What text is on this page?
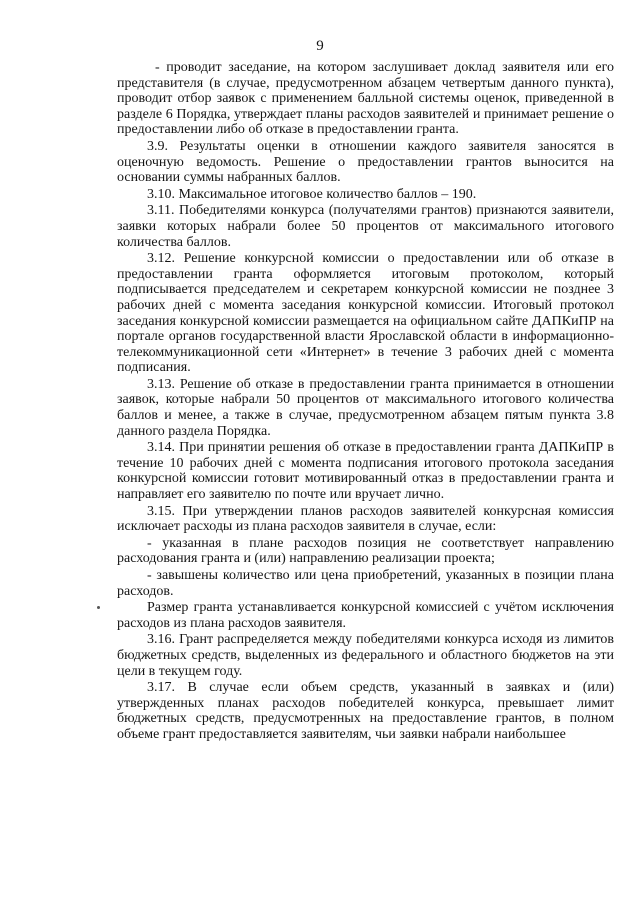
9

- проводит заседание, на котором заслушивает доклад заявителя или его представителя (в случае, предусмотренном абзацем четвертым данного пункта), проводит отбор заявок с применением балльной системы оценок, приведенной в разделе 6 Порядка, утверждает планы расходов заявителей и принимает решение о предоставлении либо об отказе в предоставлении гранта.

3.9. Результаты оценки в отношении каждого заявителя заносятся в оценочную ведомость. Решение о предоставлении грантов выносится на основании суммы набранных баллов.

3.10. Максимальное итоговое количество баллов – 190.

3.11. Победителями конкурса (получателями грантов) признаются заявители, заявки которых набрали более 50 процентов от максимального итогового количества баллов.

3.12. Решение конкурсной комиссии о предоставлении или об отказе в предоставлении гранта оформляется итоговым протоколом, который подписывается председателем и секретарем конкурсной комиссии не позднее 3 рабочих дней с момента заседания конкурсной комиссии. Итоговый протокол заседания конкурсной комиссии размещается на официальном сайте ДАПКиПР на портале органов государственной власти Ярославской области в информационно-телекоммуникационной сети «Интернет» в течение 3 рабочих дней с момента подписания.

3.13. Решение об отказе в предоставлении гранта принимается в отношении заявок, которые набрали 50 процентов от максимального итогового количества баллов и менее, а также в случае, предусмотренном абзацем пятым пункта 3.8 данного раздела Порядка.

3.14. При принятии решения об отказе в предоставлении гранта ДАПКиПР в течение 10 рабочих дней с момента подписания итогового протокола заседания конкурсной комиссии готовит мотивированный отказ в предоставлении гранта и направляет его заявителю по почте или вручает лично.

3.15. При утверждении планов расходов заявителей конкурсная комиссия исключает расходы из плана расходов заявителя в случае, если:

- указанная в плане расходов позиция не соответствует направлению расходования гранта и (или) направлению реализации проекта;

- завышены количество или цена приобретений, указанных в позиции плана расходов.

Размер гранта устанавливается конкурсной комиссией с учётом исключения расходов из плана расходов заявителя.

3.16. Грант распределяется между победителями конкурса исходя из лимитов бюджетных средств, выделенных из федерального и областного бюджетов на эти цели в текущем году.

3.17. В случае если объем средств, указанный в заявках и (или) утвержденных планах расходов победителей конкурса, превышает лимит бюджетных средств, предусмотренных на предоставление грантов, в полном объеме грант предоставляется заявителям, чьи заявки набрали наибольшее
